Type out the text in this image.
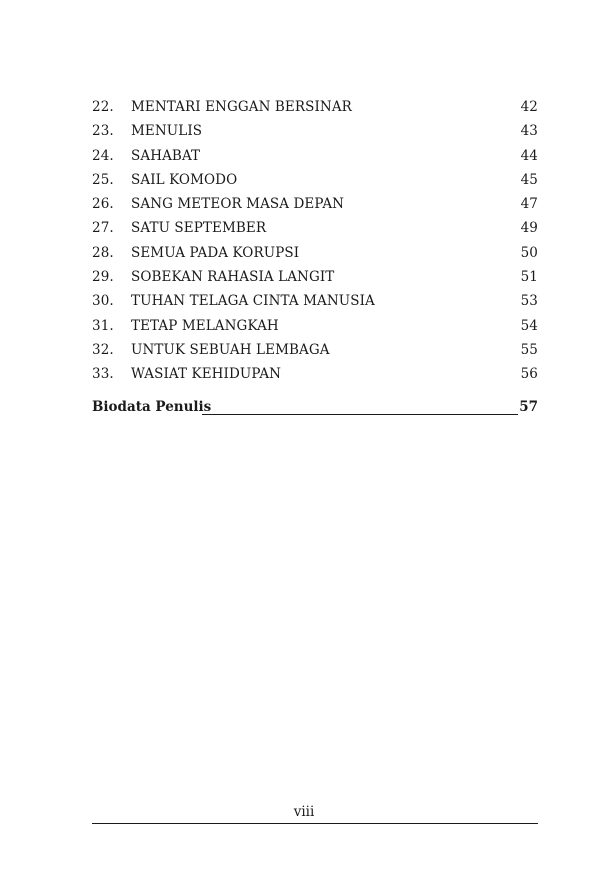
22. MENTARI ENGGAN BERSINAR	42
23. MENULIS	43
24. SAHABAT	44
25. SAIL KOMODO	45
26. SANG METEOR MASA DEPAN	47
27. SATU SEPTEMBER	49
28. SEMUA PADA KORUPSI	50
29. SOBEKAN RAHASIA LANGIT	51
30. TUHAN TELAGA CINTA MANUSIA	53
31. TETAP MELANGKAH	54
32. UNTUK SEBUAH LEMBAGA	55
33. WASIAT KEHIDUPAN	56
Biodata Penulis	57
viii
